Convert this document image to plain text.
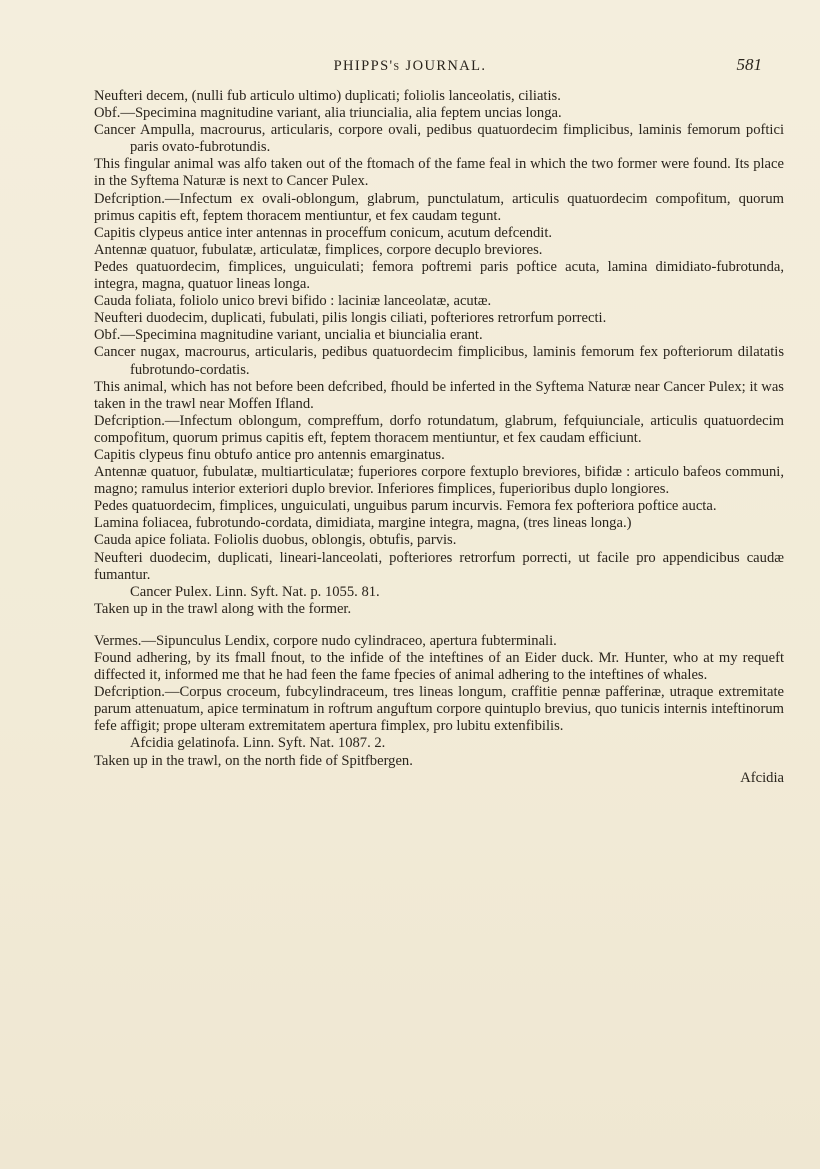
PHIPPS's JOURNAL.	581

Neufteri decem, (nulli fub articulo ultimo) duplicati; foliolis lanceolatis, ciliatis.

Obf.—Specimina magnitudine variant, alia triuncialia, alia feptem uncias longa.

Cancer Ampulla, macrourus, articularis, corpore ovali, pedibus quatuordecim fimplicibus, laminis femorum poftici paris ovato-fubrotundis.

This fingular animal was alfo taken out of the ftomach of the fame feal in which the two former were found. Its place in the Syftema Naturæ is next to Cancer Pulex.

Defcription.—Infectum ex ovali-oblongum, glabrum, punctulatum, articulis quatuordecim compofitum, quorum primus capitis eft, feptem thoracem mentiuntur, et fex caudam tegunt.

Capitis clypeus antice inter antennas in proceffum conicum, acutum defcendit.

Antennæ quatuor, fubulatæ, articulatæ, fimplices, corpore decuplo breviores.

Pedes quatuordecim, fimplices, unguiculati; femora poftremi paris poftice acuta, lamina dimidiato-fubrotunda, integra, magna, quatuor lineas longa.

Cauda foliata, foliolo unico brevi bifido : laciniæ lanceolatæ, acutæ.

Neufteri duodecim, duplicati, fubulati, pilis longis ciliati, pofteriores retrorfum porrecti.

Obf.—Specimina magnitudine variant, uncialia et biuncialia erant.

Cancer nugax, macrourus, articularis, pedibus quatuordecim fimplicibus, laminis femorum fex pofteriorum dilatatis fubrotundo-cordatis.

This animal, which has not before been defcribed, fhould be inferted in the Syftema Naturæ near Cancer Pulex; it was taken in the trawl near Moffen Ifland.

Defcription.—Infectum oblongum, compreffum, dorfo rotundatum, glabrum, fefquiunciale, articulis quatuordecim compofitum, quorum primus capitis eft, feptem thoracem mentiuntur, et fex caudam efficiunt.

Capitis clypeus finu obtufo antice pro antennis emarginatus.

Antennæ quatuor, fubulatæ, multiarticulatæ; fuperiores corpore fextuplo breviores, bifidæ : articulo bafeos communi, magno; ramulus interior exteriori duplo brevior. Inferiores fimplices, fuperioribus duplo longiores.

Pedes quatuordecim, fimplices, unguiculati, unguibus parum incurvis. Femora fex pofteriora poftice aucta.

Lamina foliacea, fubrotundo-cordata, dimidiata, margine integra, magna, (tres lineas longa.)

Cauda apice foliata. Foliolis duobus, oblongis, obtufis, parvis.

Neufteri duodecim, duplicati, lineari-lanceolati, pofteriores retrorfum porrecti, ut facile pro appendicibus caudæ fumantur.

Cancer Pulex. Linn. Syft. Nat. p. 1055. 81.

Taken up in the trawl along with the former.

Vermes.—Sipunculus Lendix, corpore nudo cylindraceo, apertura fubterminali.

Found adhering, by its fmall fnout, to the infide of the inteftines of an Eider duck. Mr. Hunter, who at my requeft diffected it, informed me that he had feen the fame fpecies of animal adhering to the inteftines of whales.

Defcription.—Corpus croceum, fubcylindraceum, tres lineas longum, craffitie pennæ pafferinæ, utraque extremitate parum attenuatum, apice terminatum in roftrum anguftum corpore quintuplo brevius, quo tunicis internis inteftinorum fefe affigit; prope ulteram extremitatem apertura fimplex, pro lubitu extenfibilis.

Afcidia gelatinofa. Linn. Syft. Nat. 1087. 2.

Taken up in the trawl, on the north fide of Spitfbergen.

Afcidia
